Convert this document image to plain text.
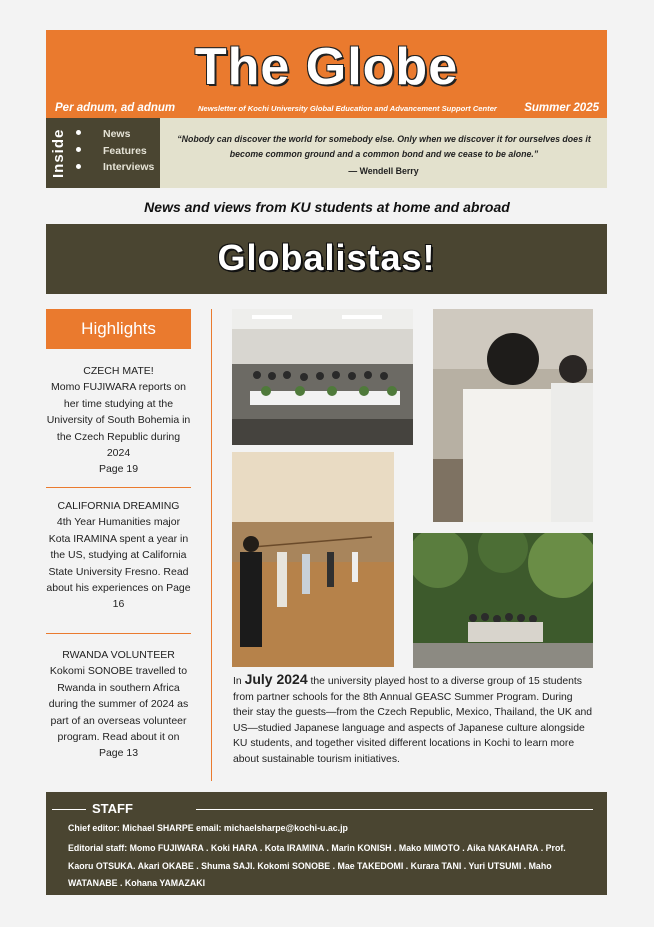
The Globe
Per adnum, ad adnum	Newsletter of Kochi University Global Education and Advancement Support Center Summer 2025
Inside	News
Features
Interviews
“Nobody can discover the world for somebody else. Only when we discover it for ourselves does it become common ground and a common bond and we cease to be alone.”
— Wendell Berry
News and views from KU students at home and abroad
Globalistas!
Highlights
CZECH MATE!
Momo FUJIWARA reports on her time studying at the University of South Bohemia in the Czech Republic during 2024
Page 19
CALIFORNIA DREAMING
4th Year Humanities major Kota IRAMINA spent a year in the US, studying at California State University Fresno. Read about his experiences on Page 16
RWANDA VOLUNTEER
Kokomi SONOBE travelled to Rwanda in southern Africa during the summer of 2024 as part of an overseas volunteer program. Read about it on Page 13
In July 2024 the university played host to a diverse group of 15 students from partner schools for the 8th Annual GEASC Summer Program. During their stay the guests—from the Czech Republic, Mexico, Thailand, the UK and US—studied Japanese language and aspects of Japanese culture alongside KU students, and together visited different locations in Kochi to learn more about sustainable tourism initiatives.
STAFF
Chief editor: Michael SHARPE email: michaelsharpe@kochi-u.ac.jp
Editorial staff: Momo FUJIWARA . Koki HARA . Kota IRAMINA . Marin KONISH . Mako MIMOTO . Aika NAKAHARA . Prof. Kaoru OTSUKA. Akari OKABE . Shuma SAJI. Kokomi SONOBE . Mae TAKEDOMI . Kurara TANI . Yuri UTSUMI . Maho WATANABE . Kohana YAMAZAKI
